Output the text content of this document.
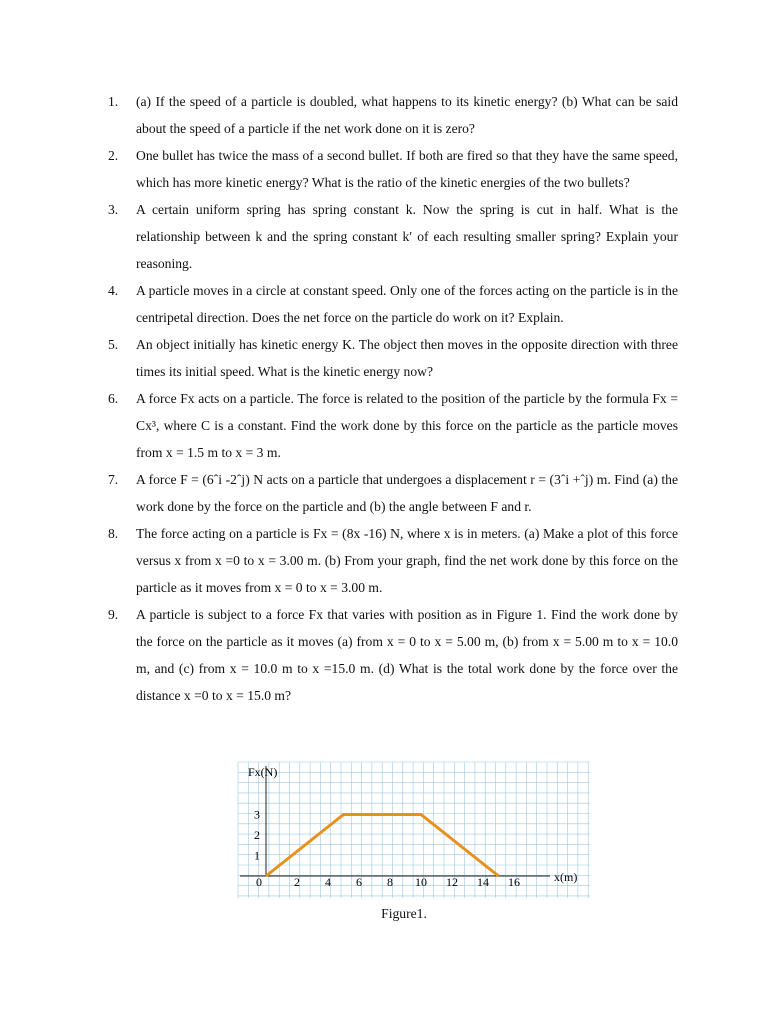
1. (a) If the speed of a particle is doubled, what happens to its kinetic energy? (b) What can be said about the speed of a particle if the net work done on it is zero?
2. One bullet has twice the mass of a second bullet. If both are fired so that they have the same speed, which has more kinetic energy? What is the ratio of the kinetic energies of the two bullets?
3. A certain uniform spring has spring constant k. Now the spring is cut in half. What is the relationship between k and the spring constant k′ of each resulting smaller spring? Explain your reasoning.
4. A particle moves in a circle at constant speed. Only one of the forces acting on the particle is in the centripetal direction. Does the net force on the particle do work on it? Explain.
5. An object initially has kinetic energy K. The object then moves in the opposite direction with three times its initial speed. What is the kinetic energy now?
6. A force Fx acts on a particle. The force is related to the position of the particle by the formula Fx = Cx³, where C is a constant. Find the work done by this force on the particle as the particle moves from x = 1.5 m to x = 3 m.
7. A force F = (6ˆi -2ˆj) N acts on a particle that undergoes a displacement r = (3ˆi +ˆj) m. Find (a) the work done by the force on the particle and (b) the angle between F and r.
8. The force acting on a particle is Fx = (8x -16) N, where x is in meters. (a) Make a plot of this force versus x from x =0 to x = 3.00 m. (b) From your graph, find the net work done by this force on the particle as it moves from x = 0 to x = 3.00 m.
9. A particle is subject to a force Fx that varies with position as in Figure 1. Find the work done by the force on the particle as it moves (a) from x = 0 to x = 5.00 m, (b) from x = 5.00 m to x = 10.0 m, and (c) from x = 10.0 m to x =15.0 m. (d) What is the total work done by the force over the distance x =0 to x = 15.0 m?
0	2 4 6 8 10 12 14 16
1
2
3
Fx(N)
x(m)
Figure1.
